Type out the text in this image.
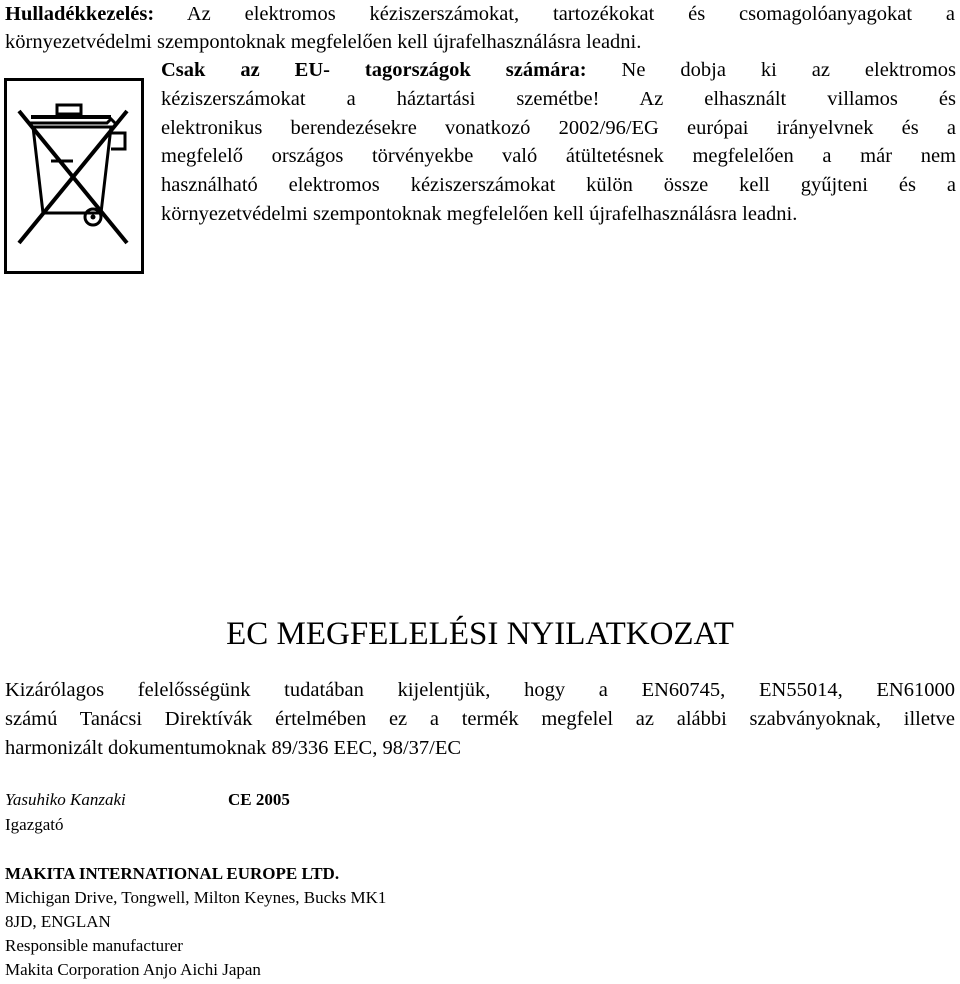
Hulladékkezelés: Az elektromos kéziszerszámokat, tartozékokat és csomagolóanyagokat a
környezetvédelmi szempontoknak megfelelően kell újrafelhasználásra leadni.
Csak az EU- tagországok számára: Ne dobja ki az elektromos
kéziszerszámokat a háztartási szemétbe! Az elhasznált villamos és
elektronikus berendezésekre vonatkozó 2002/96/EG európai irányelvnek és a
megfelelő országos törvényekbe való átültetésnek megfelelően a már nem
használható elektromos kéziszerszámokat külön össze kell gyűjteni és a
környezetvédelmi szempontoknak megfelelően kell újrafelhasználásra leadni.
EC MEGFELELÉSI NYILATKOZAT
Kizárólagos felelősségünk tudatában kijelentjük, hogy a EN60745, EN55014, EN61000
számú Tanácsi Direktívák értelmében ez a termék megfelel az alábbi szabványoknak, illetve
harmonizált dokumentumoknak 89/336 EEC, 98/37/EC
Yasuhiko Kanzaki	CE 2005
Igazgató
MAKITA INTERNATIONAL EUROPE LTD.
Michigan Drive, Tongwell, Milton Keynes, Bucks MK1
8JD, ENGLAN
Responsible manufacturer
Makita Corporation Anjo Aichi Japan
